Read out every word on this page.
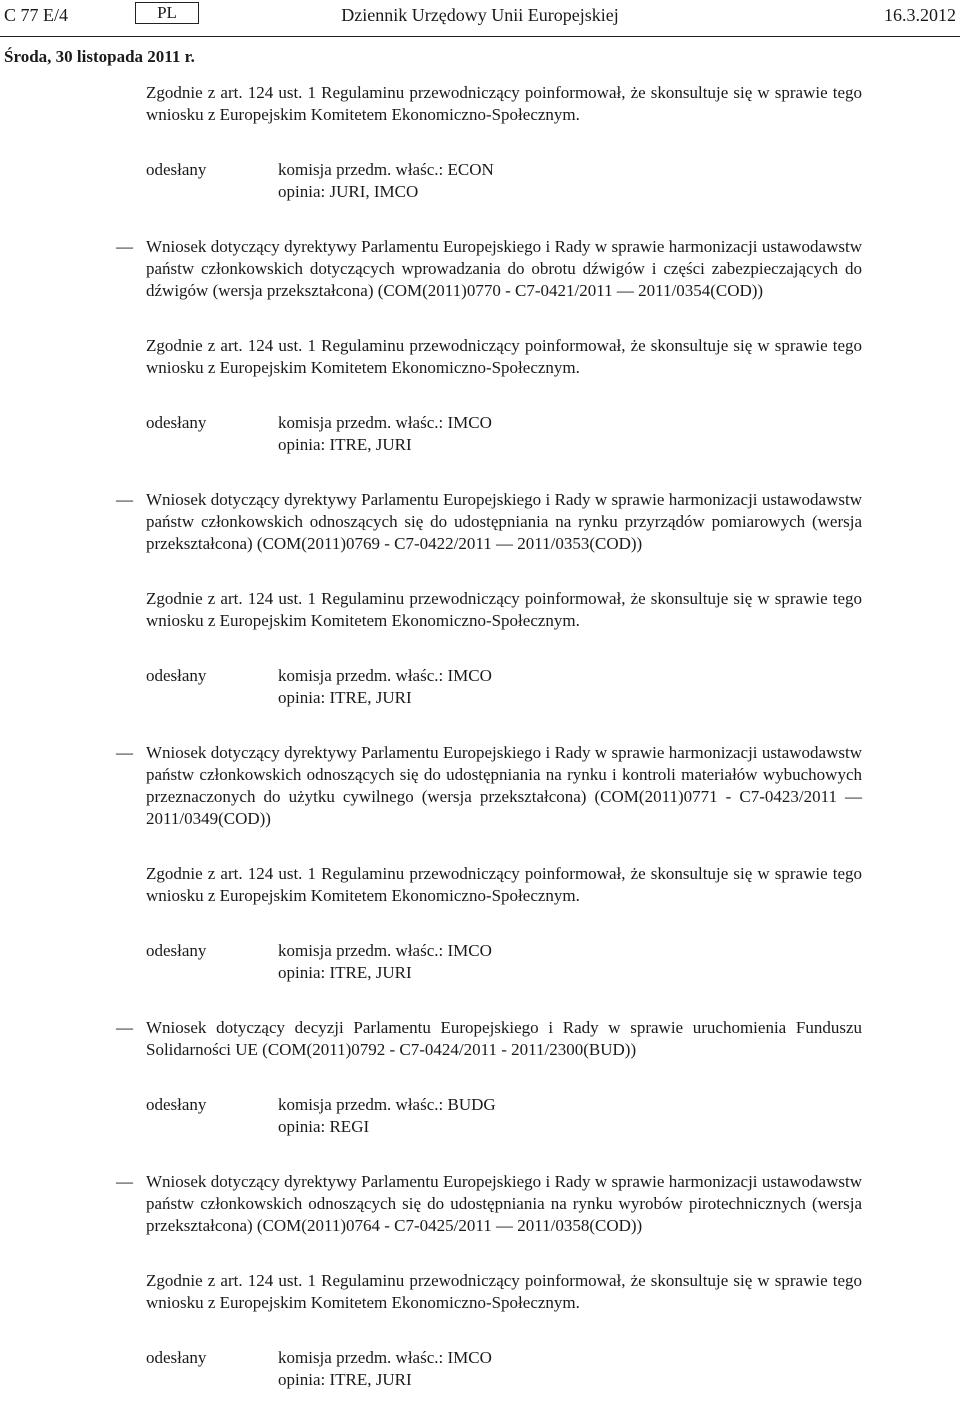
C 77 E/4	PL	Dziennik Urzędowy Unii Europejskiej	16.3.2012
Środa, 30 listopada 2011 r.

Zgodnie z art. 124 ust. 1 Regulaminu przewodniczący poinformował, że skonsultuje się w sprawie tego wniosku z Europejskim Komitetem Ekonomiczno-Społecznym.

odesłany	komisja przedm. właśc.: ECON
opinia: JURI, IMCO
— Wniosek dotyczący dyrektywy Parlamentu Europejskiego i Rady w sprawie harmonizacji ustawodawstw państw członkowskich dotyczących wprowadzania do obrotu dźwigów i części zabezpieczających do dźwigów (wersja przekształcona) (COM(2011)0770 - C7-0421/2011 — 2011/0354(COD))

Zgodnie z art. 124 ust. 1 Regulaminu przewodniczący poinformował, że skonsultuje się w sprawie tego wniosku z Europejskim Komitetem Ekonomiczno-Społecznym.

odesłany	komisja przedm. właśc.: IMCO
opinia: ITRE, JURI
— Wniosek dotyczący dyrektywy Parlamentu Europejskiego i Rady w sprawie harmonizacji ustawodawstw państw członkowskich odnoszących się do udostępniania na rynku przyrządów pomiarowych (wersja przekształcona) (COM(2011)0769 - C7-0422/2011 — 2011/0353(COD))

Zgodnie z art. 124 ust. 1 Regulaminu przewodniczący poinformował, że skonsultuje się w sprawie tego wniosku z Europejskim Komitetem Ekonomiczno-Społecznym.

odesłany	komisja przedm. właśc.: IMCO
opinia: ITRE, JURI
— Wniosek dotyczący dyrektywy Parlamentu Europejskiego i Rady w sprawie harmonizacji ustawodawstw państw członkowskich odnoszących się do udostępniania na rynku i kontroli materiałów wybuchowych przeznaczonych do użytku cywilnego (wersja przekształcona) (COM(2011)0771 - C7-0423/2011 — 2011/0349(COD))

Zgodnie z art. 124 ust. 1 Regulaminu przewodniczący poinformował, że skonsultuje się w sprawie tego wniosku z Europejskim Komitetem Ekonomiczno-Społecznym.

odesłany	komisja przedm. właśc.: IMCO
opinia: ITRE, JURI
— Wniosek dotyczący decyzji Parlamentu Europejskiego i Rady w sprawie uruchomienia Funduszu Solidarności UE (COM(2011)0792 - C7-0424/2011 - 2011/2300(BUD))

odesłany	komisja przedm. właśc.: BUDG
opinia: REGI
— Wniosek dotyczący dyrektywy Parlamentu Europejskiego i Rady w sprawie harmonizacji ustawodawstw państw członkowskich odnoszących się do udostępniania na rynku wyrobów pirotechnicznych (wersja przekształcona) (COM(2011)0764 - C7-0425/2011 — 2011/0358(COD))

Zgodnie z art. 124 ust. 1 Regulaminu przewodniczący poinformował, że skonsultuje się w sprawie tego wniosku z Europejskim Komitetem Ekonomiczno-Społecznym.

odesłany	komisja przedm. właśc.: IMCO
opinia: ITRE, JURI
